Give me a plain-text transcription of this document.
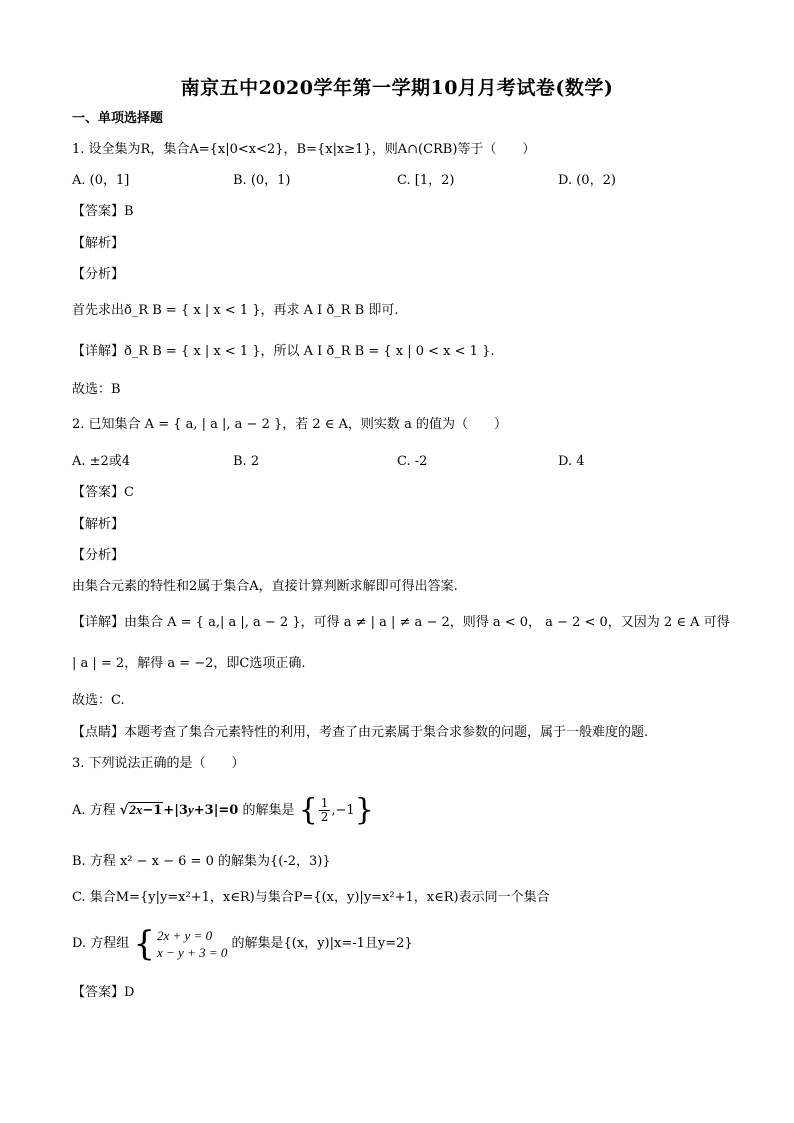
南京五中2020学年第一学期10月月考试卷(数学)
一、单项选择题
1. 设全集为R，集合A={x|0<x<2}，B={x|x≥1}，则A∩(CRB)等于（　　）
A. (0，1]	B. (0，1)	C. [1，2)	D. (0，2)
【答案】B
【解析】
【分析】
首先求出ð_R B = { x | x < 1 }，再求 A I ð_R B 即可.
【详解】ð_R B = { x | x < 1 }，所以 A I ð_R B = { x | 0 < x < 1 }.
故选：B
2. 已知集合 A = { a, | a |, a − 2 }，若 2 ∈ A，则实数 a 的值为（　　）
A. ±2或4	B. 2	C. -2	D. 4
【答案】C
【解析】
【分析】
由集合元素的特性和2属于集合A，直接计算判断求解即可得出答案.
【详解】由集合 A = { a,| a |, a − 2 }，可得 a ≠ | a | ≠ a − 2，则得 a < 0， a − 2 < 0，又因为 2 ∈ A 可得
| a | = 2，解得 a = −2，即C选项正确.
故选：C.
【点睛】本题考查了集合元素特性的利用，考查了由元素属于集合求参数的问题，属于一般难度的题.
3. 下列说法正确的是（　　）
A. 方程 √2x−1+|3y+3|=0 的解集是 { $\frac{1}{2} ,-1$}
B. 方程 x² − x − 6 = 0 的解集为{(-2，3)}
C. 集合M={y|y=x²+1，x∈R)与集合P={(x，y)|y=x²+1，x∈R)表示同一个集合
D. 方程组 { 2x + y = 0
x − y + 3 = 0
的解集是{(x，y)|x=-1且y=2}
【答案】D
